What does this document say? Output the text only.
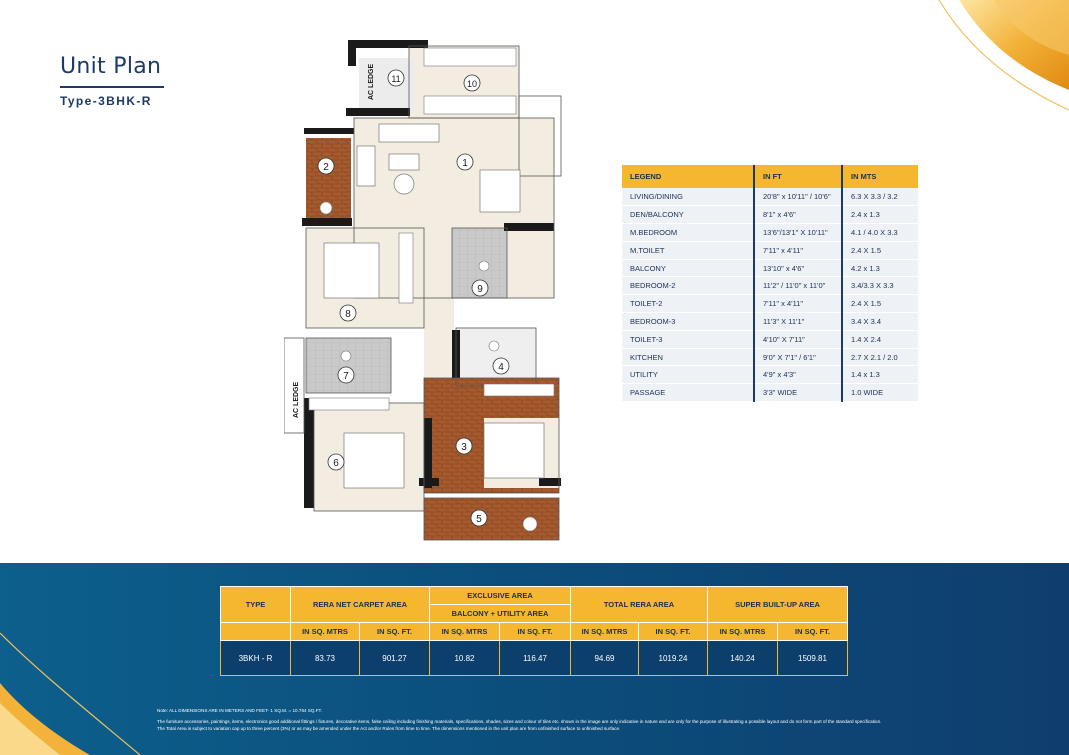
Unit Plan
Type-3BHK-R
1
2
3
4
5
6
7
8
9
10
11
AC LEDGE
AC LEDGE
LEGEND	IN FT	IN MTS
LIVING/DINING	20'8" x 10'11" / 10'6"	6.3 X 3.3 / 3.2
DEN/BALCONY	8'1" x 4'6"	2.4 x 1.3
M.BEDROOM	13'6"/13'1" X 10'11"	4.1 / 4.0 X 3.3
M.TOILET	7'11" x 4'11"	2.4 X 1.5
BALCONY	13'10" x 4'6"	4.2 x 1.3
BEDROOM-2	11'2" / 11'0" x 11'0"	3.4/3.3 X 3.3
TOILET-2	7'11" x 4'11"	2.4 X 1.5
BEDROOM-3	11'3" X 11'1"	3.4 X 3.4
TOILET-3	4'10" X 7'11"	1.4 X 2.4
KITCHEN	9'0" X 7'1" / 6'1"	2.7 X 2.1 / 2.0
UTILITY	4'9" x 4'3"	1.4 x 1.3
PASSAGE	3'3" WIDE	1.0 WIDE
TYPE	RERA NET CARPET AREA		EXCLUSIVE AREA		TOTAL RERA AREA		SUPER BUILT-UP AREA	
			BALCONY + UTILITY AREA					
	IN SQ. MTRS	IN SQ. FT.	IN SQ. MTRS	IN SQ. FT.	IN SQ. MTRS	IN SQ. FT.	IN SQ. MTRS	IN SQ. FT.
3BKH - R	83.73	901.27	10.82	116.47	94.69	1019.24	140.24	1509.81

Note: ALL DIMENSIONS ARE IN METERS AND FEET- 1 SQ.M. = 10.764 SQ.FT.

The furniture accessories, paintings, items, electronics good additional fittings / fixtures, decorative items, false ceiling including finishing materials, specifications, shades, sizes and colour of tiles etc. shown in the image are only indicative in nature and are only for the purpose of illustrating a possible layout and do not form part of the standard specification.

The Total Area is subject to variation cap up to three percent (3%) or as may be amended under the Act and/or Rules from time to time. The dimensions mentioned in the unit plan are from unfinished surface to unfinished surface.
